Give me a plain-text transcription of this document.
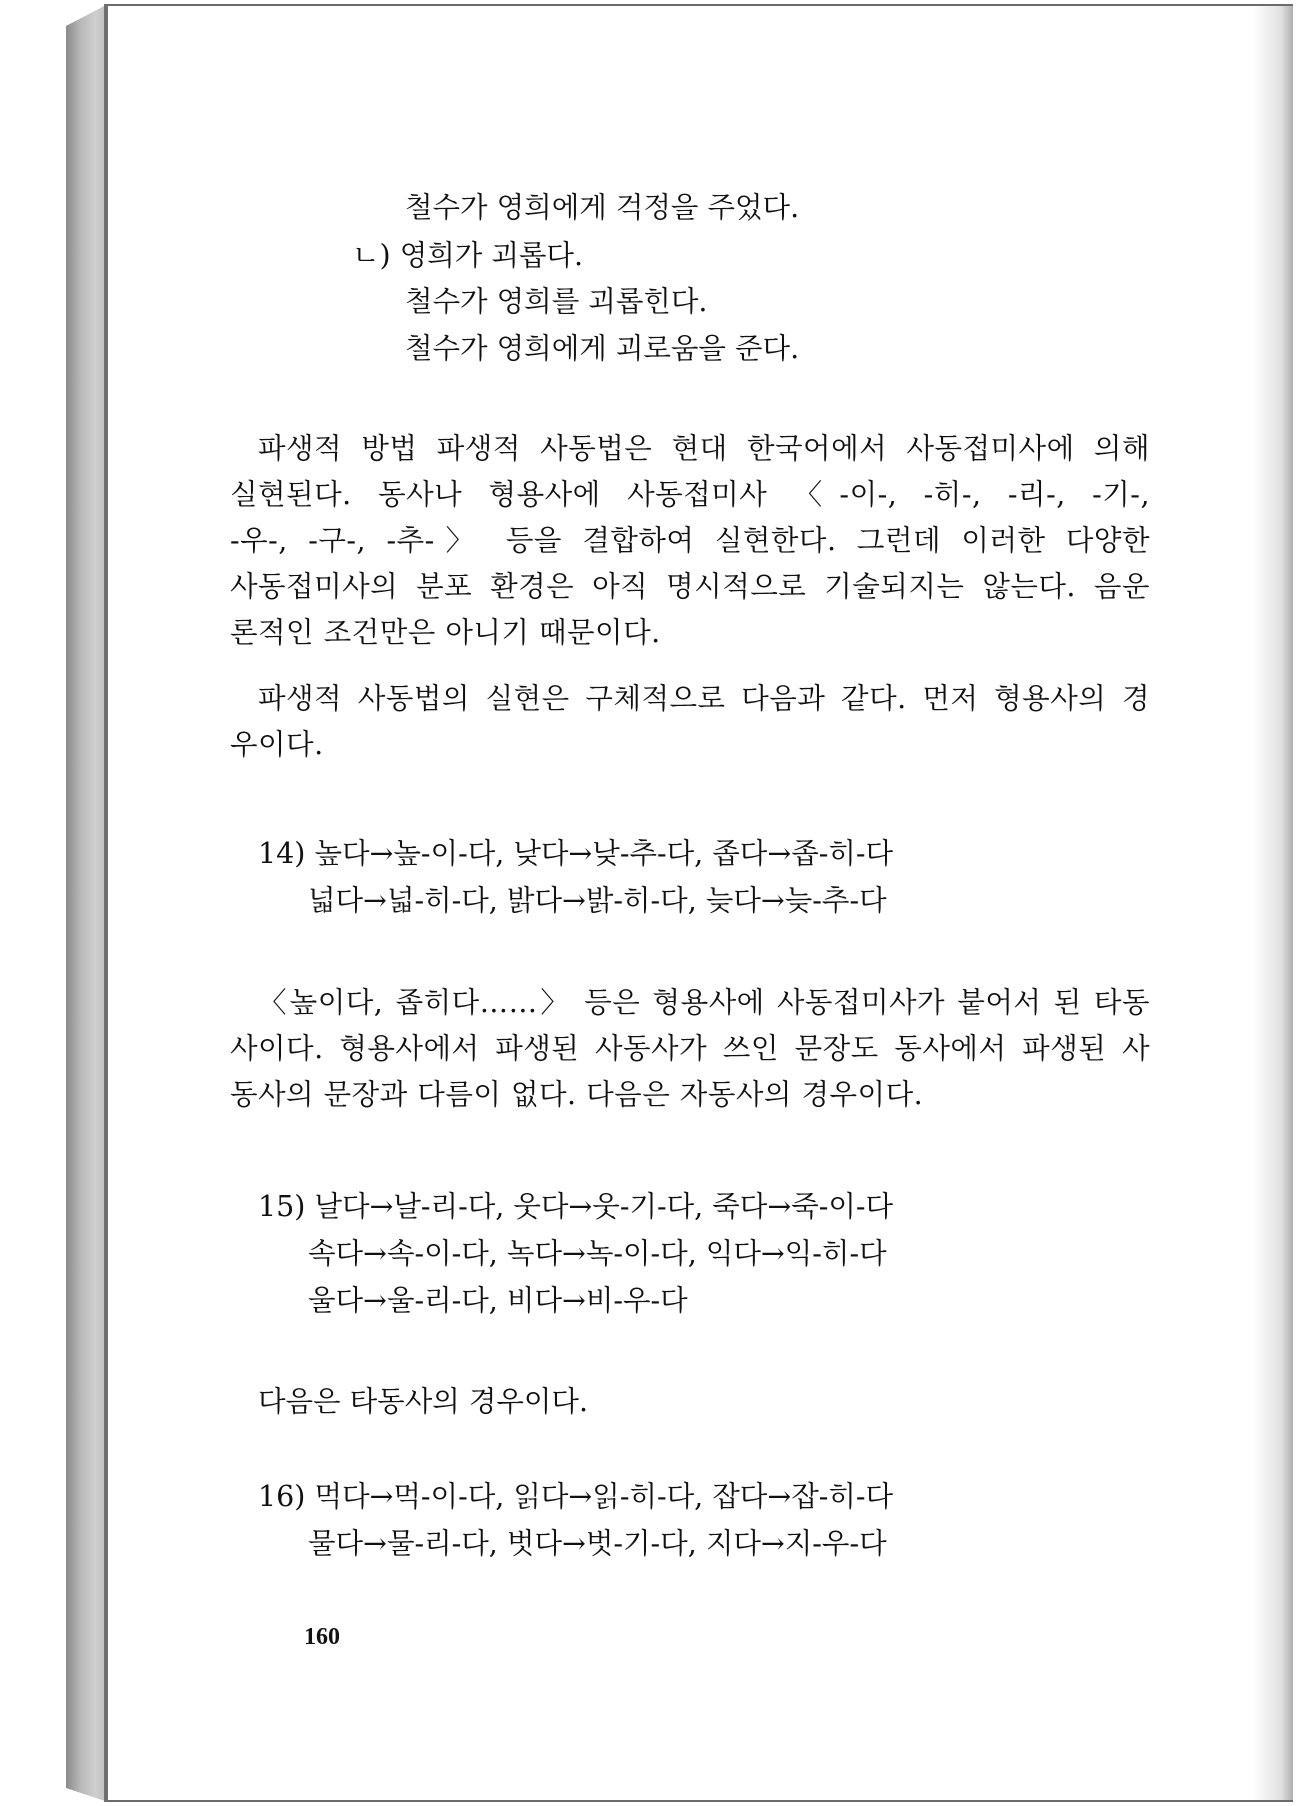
철수가 영희에게 걱정을 주었다.
ㄴ) 영희가 괴롭다.
철수가 영희를 괴롭힌다.
철수가 영희에게 괴로움을 준다.
파생적 방법 파생적 사동법은 현대 한국어에서 사동접미사에 의해
실현된다. 동사나 형용사에 사동접미사 〈-이-, -히-, -리-, -기-,
-우-, -구-, -추-〉 등을 결합하여 실현한다. 그런데 이러한 다양한
사동접미사의 분포 환경은 아직 명시적으로 기술되지는 않는다. 음운
론적인 조건만은 아니기 때문이다.
파생적 사동법의 실현은 구체적으로 다음과 같다. 먼저 형용사의 경
우이다.
14) 높다→높-이-다, 낮다→낮-추-다, 좁다→좁-히-다
넓다→넓-히-다, 밝다→밝-히-다, 늦다→늦-추-다
〈높이다, 좁히다……〉 등은 형용사에 사동접미사가 붙어서 된 타동
사이다. 형용사에서 파생된 사동사가 쓰인 문장도 동사에서 파생된 사
동사의 문장과 다름이 없다. 다음은 자동사의 경우이다.
15) 날다→날-리-다, 웃다→웃-기-다, 죽다→죽-이-다
속다→속-이-다, 녹다→녹-이-다, 익다→익-히-다
울다→울-리-다, 비다→비-우-다
다음은 타동사의 경우이다.
16) 먹다→먹-이-다, 읽다→읽-히-다, 잡다→잡-히-다
물다→물-리-다, 벗다→벗-기-다, 지다→지-우-다
160
